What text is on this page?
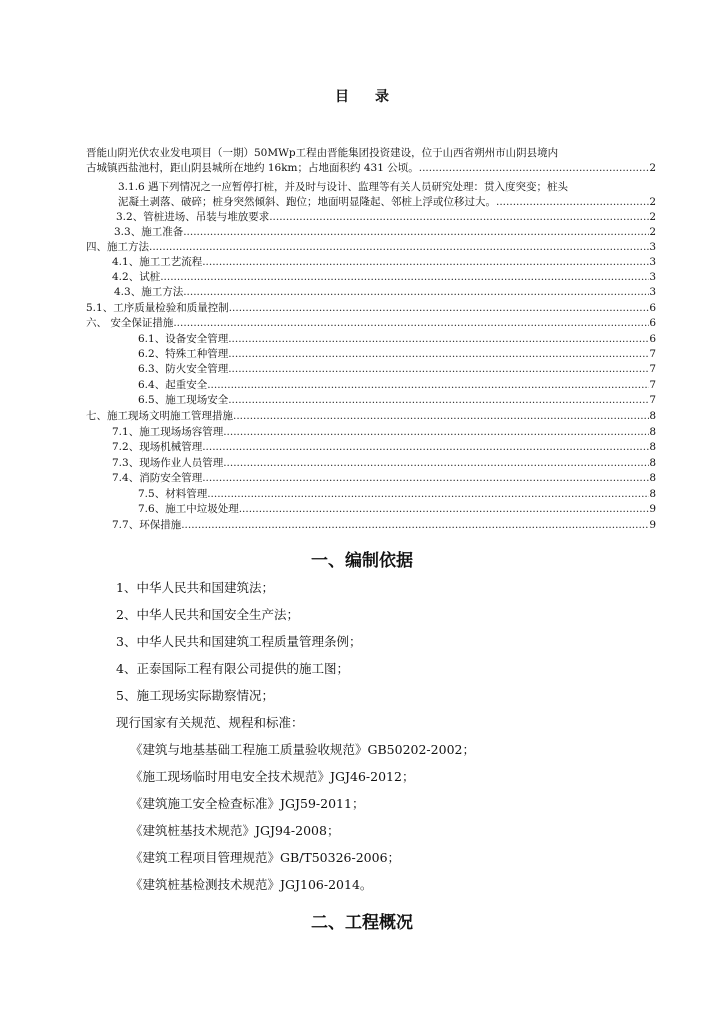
目 录
晋能山阴光伏农业发电项目（一期）50MWp工程由晋能集团投资建设，位于山西省朔州市山阴县境内
古城镇西盐池村，距山阴县城所在地约 16km；占地面积约 431 公顷。 .....	2
3.1.6 遇下列情况之一应暂停打桩，并及时与设计、监理等有关人员研究处理：贯入度突变；桩头
泥凝土剥落、破碎；桩身突然倾斜、跑位；地面明显隆起、邻桩上浮或位移过大。 .....	2
3.2、管桩进场、吊装与堆放要求 .....	2
3.3、施工准备 .....	2
四、施工方法 .....	3
4.1、施工工艺流程 .....	3
4.2、试桩 .....	3
4.3、施工方法 .....	3
5.1、工序质量检验和质量控制 .....	6
六、 安全保证措施 .....	6
6.1、设备安全管理 .....	6
6.2、特殊工种管理 .....	7
6.3、防火安全管理 .....	7
6.4、起重安全 .....	7
6.5、施工现场安全 .....	7
七、施工现场文明施工管理措施 .....	8
7.1、施工现场场容管理 .....	8
7.2、现场机械管理 .....	8
7.3、现场作业人员管理 .....	8
7.4、消防安全管理 .....	8
7.5、材料管理 .....	8
7.6、施工中垃圾处理 .....	9
7.7、环保措施 .....	9
一、编制依据
1、中华人民共和国建筑法；
2、中华人民共和国安全生产法；
3、中华人民共和国建筑工程质量管理条例；
4、正泰国际工程有限公司提供的施工图；
5、施工现场实际勘察情况；
现行国家有关规范、规程和标准：
《建筑与地基基础工程施工质量验收规范》GB50202-2002；
《施工现场临时用电安全技术规范》JGJ46-2012；
《建筑施工安全检查标准》JGJ59-2011；
《建筑桩基技术规范》JGJ94-2008；
《建筑工程项目管理规范》GB/T50326-2006；
《建筑桩基检测技术规范》JGJ106-2014。
二、工程概况
